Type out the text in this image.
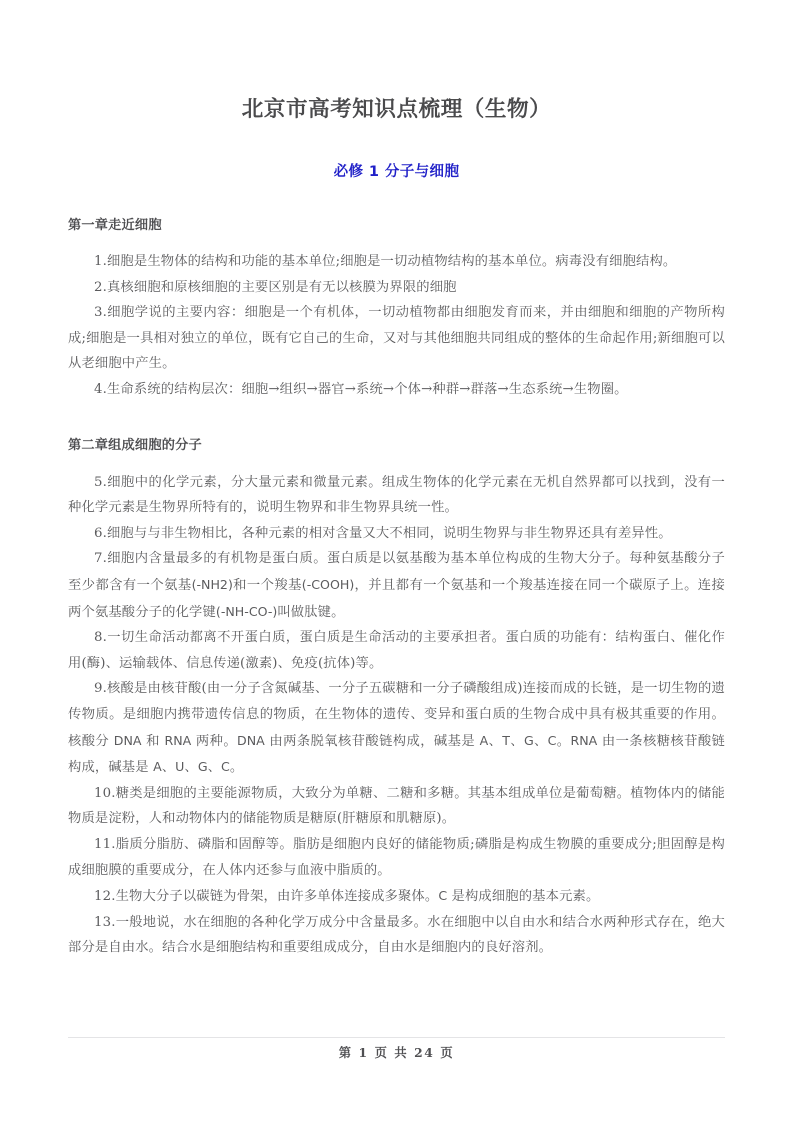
北京市高考知识点梳理（生物）
必修 1 分子与细胞
第一章走近细胞

1.细胞是生物体的结构和功能的基本单位;细胞是一切动植物结构的基本单位。病毒没有细胞结构。

2.真核细胞和原核细胞的主要区别是有无以核膜为界限的细胞

3.细胞学说的主要内容：细胞是一个有机体，一切动植物都由细胞发育而来，并由细胞和细胞的产物所构成;细胞是一具相对独立的单位，既有它自己的生命，又对与其他细胞共同组成的整体的生命起作用;新细胞可以从老细胞中产生。

4.生命系统的结构层次：细胞→组织→器官→系统→个体→种群→群落→生态系统→生物圈。

第二章组成细胞的分子

5.细胞中的化学元素，分大量元素和微量元素。组成生物体的化学元素在无机自然界都可以找到，没有一种化学元素是生物界所特有的，说明生物界和非生物界具统一性。

6.细胞与与非生物相比，各种元素的相对含量又大不相同，说明生物界与非生物界还具有差异性。

7.细胞内含量最多的有机物是蛋白质。蛋白质是以氨基酸为基本单位构成的生物大分子。每种氨基酸分子至少都含有一个氨基(-NH2)和一个羧基(-COOH)，并且都有一个氨基和一个羧基连接在同一个碳原子上。连接两个氨基酸分子的化学键(-NH-CO-)叫做肽键。

8.一切生命活动都离不开蛋白质，蛋白质是生命活动的主要承担者。蛋白质的功能有：结构蛋白、催化作用(酶)、运输载体、信息传递(激素)、免疫(抗体)等。

9.核酸是由核苷酸(由一分子含氮碱基、一分子五碳糖和一分子磷酸组成)连接而成的长链，是一切生物的遗传物质。是细胞内携带遗传信息的物质，在生物体的遗传、变异和蛋白质的生物合成中具有极其重要的作用。核酸分 DNA 和 RNA 两种。DNA 由两条脱氧核苷酸链构成，碱基是 A、T、G、C。RNA 由一条核糖核苷酸链构成，碱基是 A、U、G、C。

10.糖类是细胞的主要能源物质，大致分为单糖、二糖和多糖。其基本组成单位是葡萄糖。植物体内的储能物质是淀粉，人和动物体内的储能物质是糖原(肝糖原和肌糖原)。

11.脂质分脂肪、磷脂和固醇等。脂肪是细胞内良好的储能物质;磷脂是构成生物膜的重要成分;胆固醇是构成细胞膜的重要成分，在人体内还参与血液中脂质的。

12.生物大分子以碳链为骨架，由许多单体连接成多聚体。C 是构成细胞的基本元素。

13.一般地说，水在细胞的各种化学万成分中含量最多。水在细胞中以自由水和结合水两种形式存在，绝大部分是自由水。结合水是细胞结构和重要组成成分，自由水是细胞内的良好溶剂。

第 1 页 共 24 页
